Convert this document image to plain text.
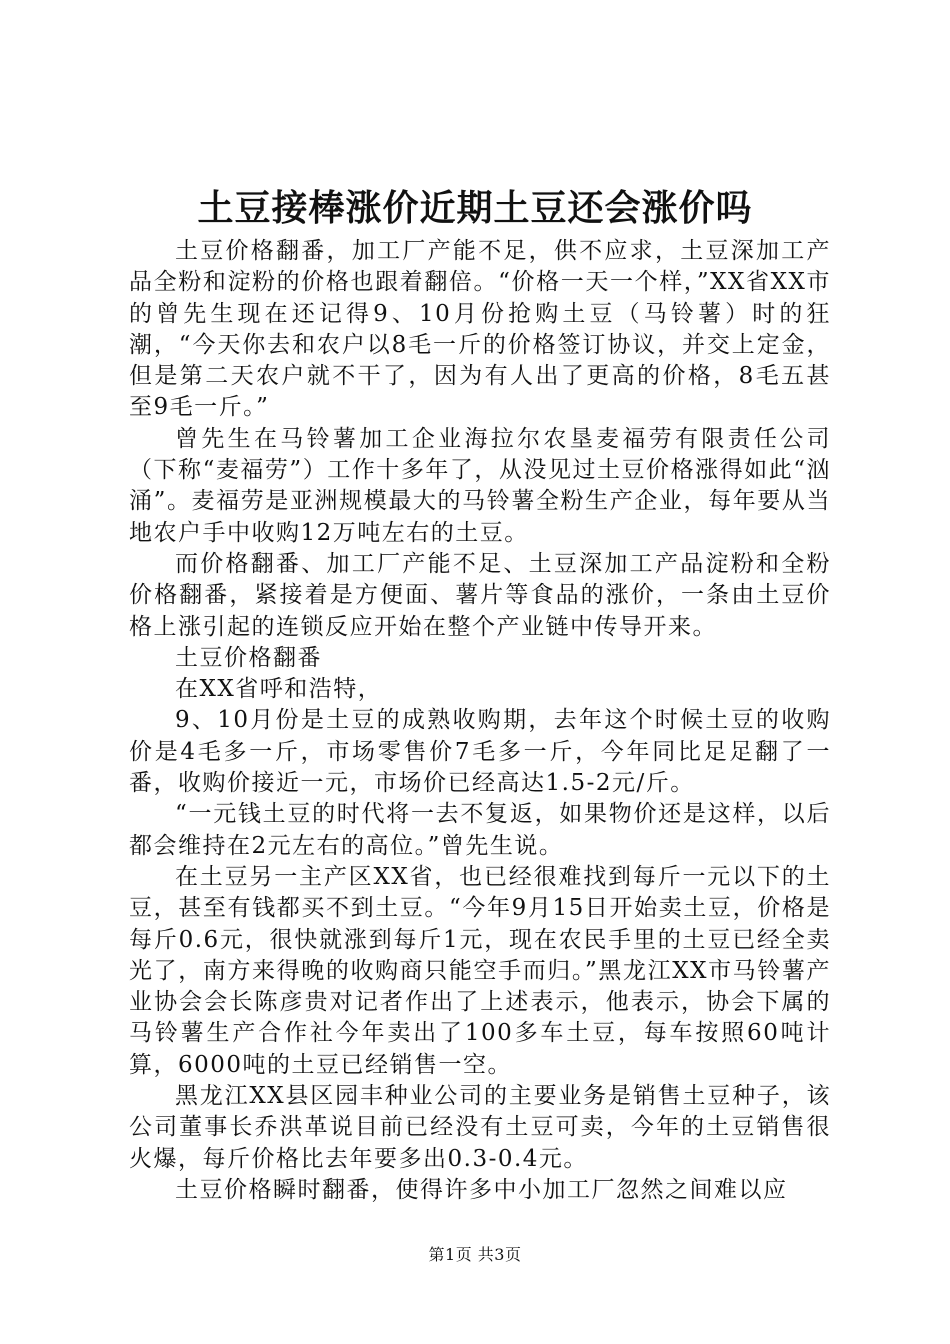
土豆接棒涨价近期土豆还会涨价吗

土豆价格翻番，加工厂产能不足，供不应求，土豆深加工产品全粉和淀粉的价格也跟着翻倍。“价格一天一个样，”XX省XX市的曾先生现在还记得9、10月份抢购土豆（马铃薯）时的狂潮，“今天你去和农户以8毛一斤的价格签订协议，并交上定金，但是第二天农户就不干了，因为有人出了更高的价格，8毛五甚至9毛一斤。”

曾先生在马铃薯加工企业海拉尔农垦麦福劳有限责任公司（下称“麦福劳”）工作十多年了，从没见过土豆价格涨得如此“汹涌”。麦福劳是亚洲规模最大的马铃薯全粉生产企业，每年要从当地农户手中收购12万吨左右的土豆。

而价格翻番、加工厂产能不足、土豆深加工产品淀粉和全粉价格翻番，紧接着是方便面、薯片等食品的涨价，一条由土豆价格上涨引起的连锁反应开始在整个产业链中传导开来。

土豆价格翻番

在XX省呼和浩特，

9、10月份是土豆的成熟收购期，去年这个时候土豆的收购价是4毛多一斤，市场零售价7毛多一斤，今年同比足足翻了一番，收购价接近一元，市场价已经高达1.5-2元/斤。

“一元钱土豆的时代将一去不复返，如果物价还是这样，以后都会维持在2元左右的高位。”曾先生说。

在土豆另一主产区XX省，也已经很难找到每斤一元以下的土豆，甚至有钱都买不到土豆。“今年9月15日开始卖土豆，价格是每斤0.6元，很快就涨到每斤1元，现在农民手里的土豆已经全卖光了，南方来得晚的收购商只能空手而归。”黑龙江XX市马铃薯产业协会会长陈彦贵对记者作出了上述表示，他表示，协会下属的马铃薯生产合作社今年卖出了100多车土豆，每车按照60吨计算，6000吨的土豆已经销售一空。

黑龙江XX县区园丰种业公司的主要业务是销售土豆种子，该公司董事长乔洪革说目前已经没有土豆可卖，今年的土豆销售很火爆，每斤价格比去年要多出0.3-0.4元。

土豆价格瞬时翻番，使得许多中小加工厂忽然之间难以应

第1页 共3页
